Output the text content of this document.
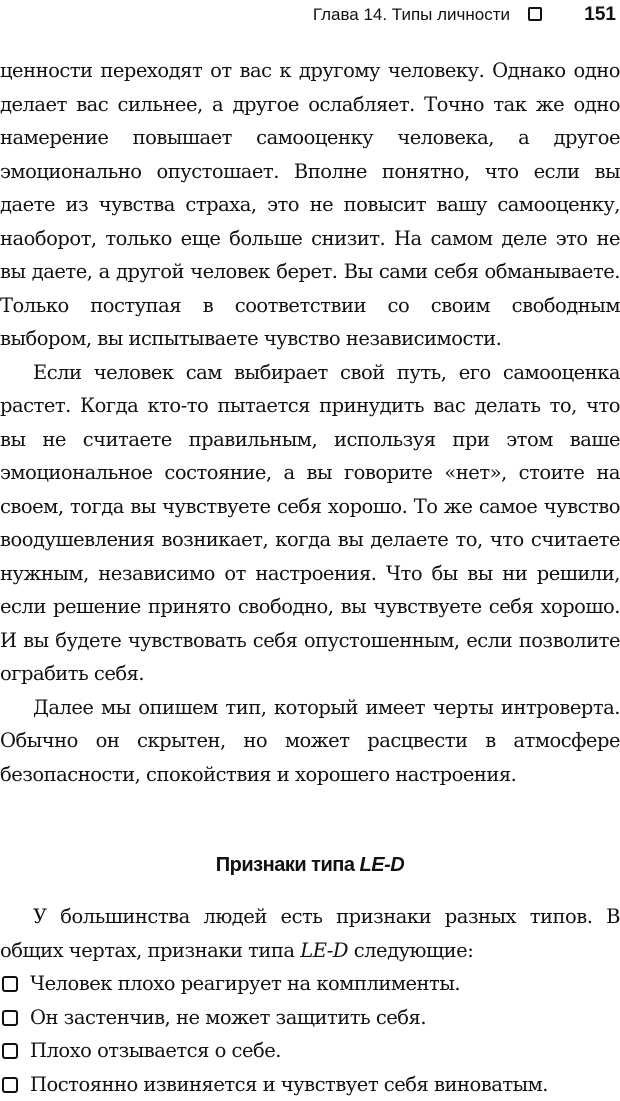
Глава 14. Типы личности	151

ценности переходят от вас к другому человеку. Однако одно делает вас сильнее, а другое ослабляет. Точно так же одно намерение повышает самооценку человека, а другое эмоционально опустошает. Вполне понятно, что если вы даете из чувства страха, это не повысит вашу самооценку, наоборот, только еще больше снизит. На самом деле это не вы даете, а другой человек берет. Вы сами себя обманываете. Только поступая в соответствии со своим свободным выбором, вы испытываете чувство независимости.

Если человек сам выбирает свой путь, его самооценка растет. Когда кто-то пытается принудить вас делать то, что вы не считаете правильным, используя при этом ваше эмоциональное состояние, а вы говорите «нет», стоите на своем, тогда вы чувствуете себя хорошо. То же самое чувство воодушевления возникает, когда вы делаете то, что считаете нужным, независимо от настроения. Что бы вы ни решили, если решение принято свободно, вы чувствуете себя хорошо. И вы будете чувствовать себя опустошенным, если позволите ограбить себя.

Далее мы опишем тип, который имеет черты интроверта. Обычно он скрытен, но может расцвести в атмосфере безопасности, спокойствия и хорошего настроения.

Признаки типа LE-D

У большинства людей есть признаки разных типов. В общих чертах, признаки типа LE-D следующие:

Человек плохо реагирует на комплименты.
Он застенчив, не может защитить себя.
Плохо отзывается о себе.
Постоянно извиняется и чувствует себя виноватым.
